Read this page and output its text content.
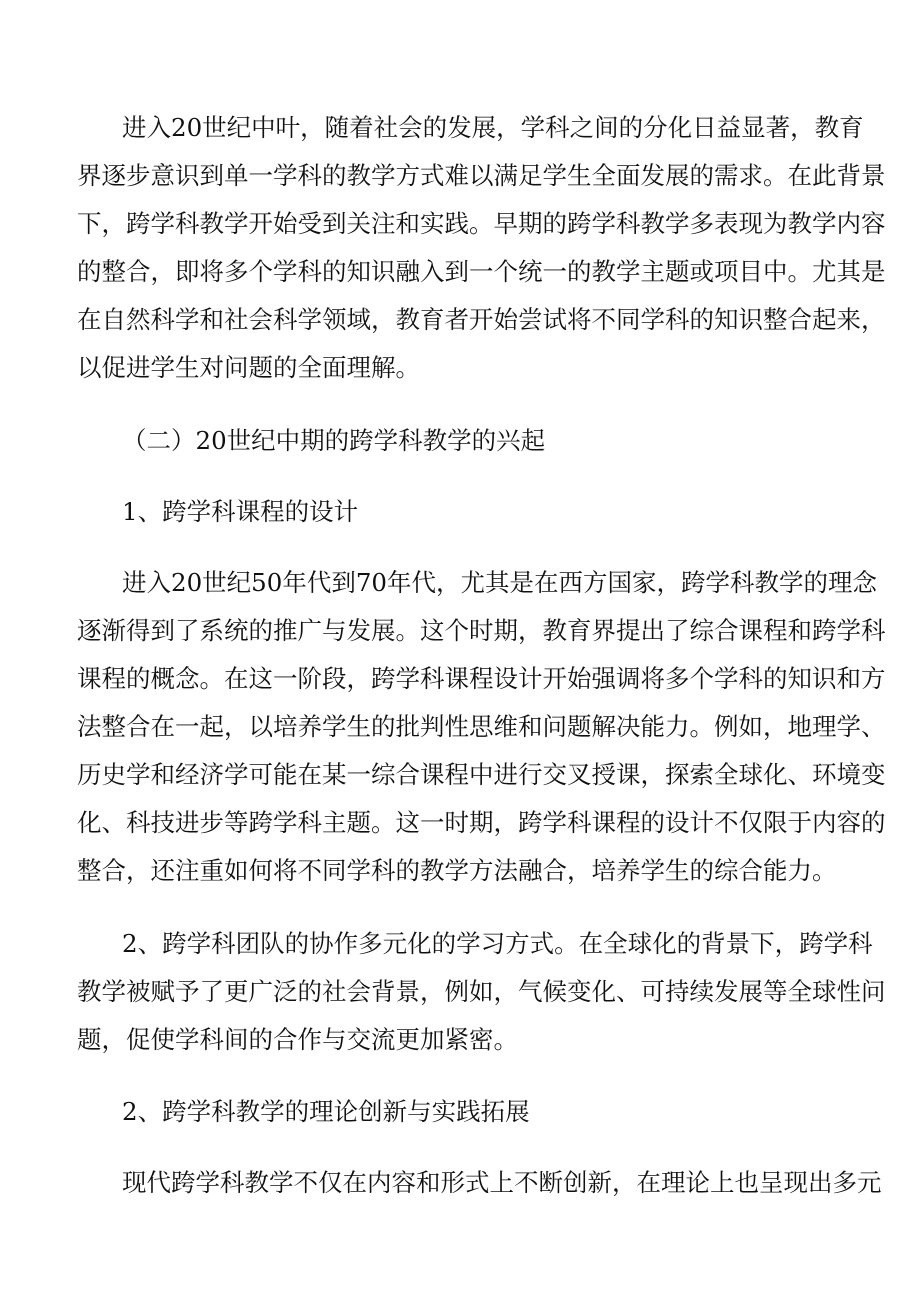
进入20世纪中叶，随着社会的发展，学科之间的分化日益显著，教育
界逐步意识到单一学科的教学方式难以满足学生全面发展的需求。在此背景
下，跨学科教学开始受到关注和实践。早期的跨学科教学多表现为教学内容
的整合，即将多个学科的知识融入到一个统一的教学主题或项目中。尤其是
在自然科学和社会科学领域，教育者开始尝试将不同学科的知识整合起来，
以促进学生对问题的全面理解。
（二）20世纪中期的跨学科教学的兴起
1、跨学科课程的设计
进入20世纪50年代到70年代，尤其是在西方国家，跨学科教学的理念
逐渐得到了系统的推广与发展。这个时期，教育界提出了综合课程和跨学科
课程的概念。在这一阶段，跨学科课程设计开始强调将多个学科的知识和方
法整合在一起，以培养学生的批判性思维和问题解决能力。例如，地理学、
历史学和经济学可能在某一综合课程中进行交叉授课，探索全球化、环境变
化、科技进步等跨学科主题。这一时期，跨学科课程的设计不仅限于内容的
整合，还注重如何将不同学科的教学方法融合，培养学生的综合能力。
2、跨学科团队的协作多元化的学习方式。在全球化的背景下，跨学科
教学被赋予了更广泛的社会背景，例如，气候变化、可持续发展等全球性问
题，促使学科间的合作与交流更加紧密。
2、跨学科教学的理论创新与实践拓展
现代跨学科教学不仅在内容和形式上不断创新，在理论上也呈现出多元
